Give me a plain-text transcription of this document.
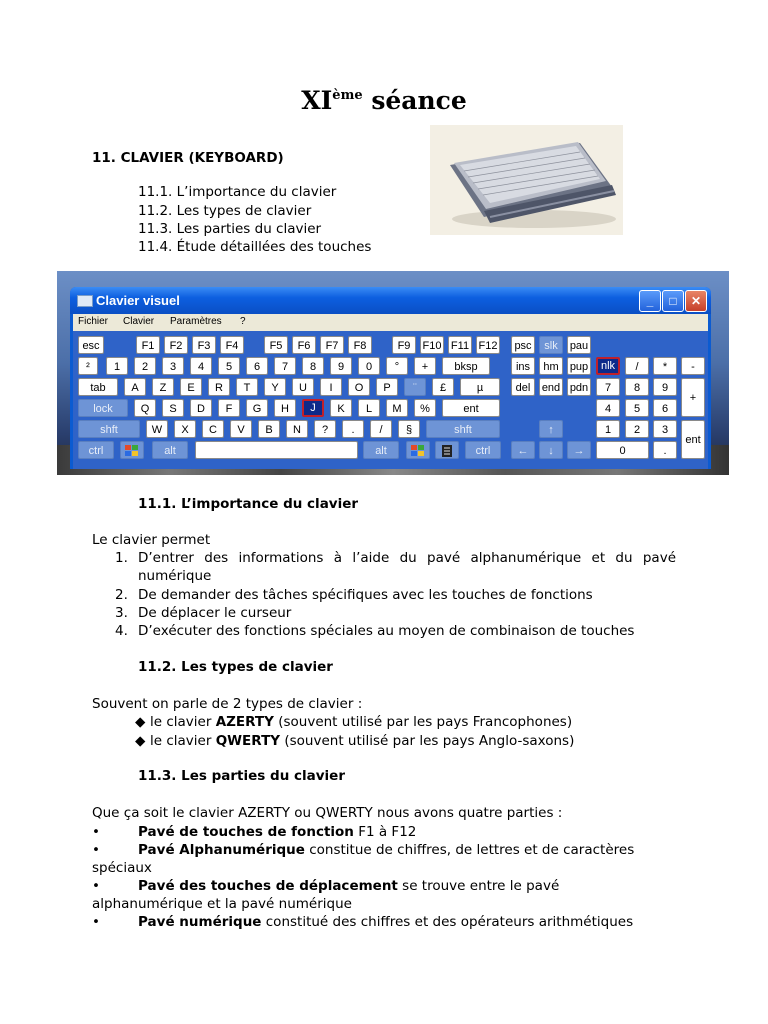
XIème séance
11. CLAVIER (KEYBOARD)
11.1. L’importance du clavier
11.2. Les types de clavier
11.3. Les parties du clavier
11.4. Étude détaillées des touches
Clavier visuel	_	□	✕
Fichier Clavier Paramètres ?
esc	F1	F2	F3	F4	F5	F6	F7	F8	F9	F10 F11 F12	psc	slk	pau
²	1	2	3	4	5	6	7	8	9	0	°	+	bksp	ins	hm	pup	nlk	/	*	-
tab	A	Z	E	R	T	Y	U	I	O	P	¨	£	µ	del	end pdn	7	8	9
+
lock	Q	S	D	F	G	H	J	K	L	M	%	ent	4	5	6
shft	W	X	C	V	B	N	?	.	/	§	shft	↑	1	2	3
ent
ctrl	alt	alt	ctrl	←	↓	→	0	.
11.1. L’importance du clavier
Le clavier permet
1. D’entrer des informations à l’aide du pavé alphanumérique et du pavé
numérique
2. De demander des tâches spécifiques avec les touches de fonctions
3. De déplacer le curseur
4. D’exécuter des fonctions spéciales au moyen de combinaison de touches
11.2. Les types de clavier
Souvent on parle de 2 types de clavier :
◆ le clavier AZERTY (souvent utilisé par les pays Francophones)
◆ le clavier QWERTY (souvent utilisé par les pays Anglo-saxons)
11.3. Les parties du clavier
Que ça soit le clavier AZERTY ou QWERTY nous avons quatre parties :
•	Pavé de touches de fonction F1 à F12
•	Pavé Alphanumérique constitue de chiffres, de lettres et de caractères
spéciaux
•	Pavé des touches de déplacement se trouve entre le pavé
alphanumérique et la pavé numérique
•	Pavé numérique constitué des chiffres et des opérateurs arithmétiques
